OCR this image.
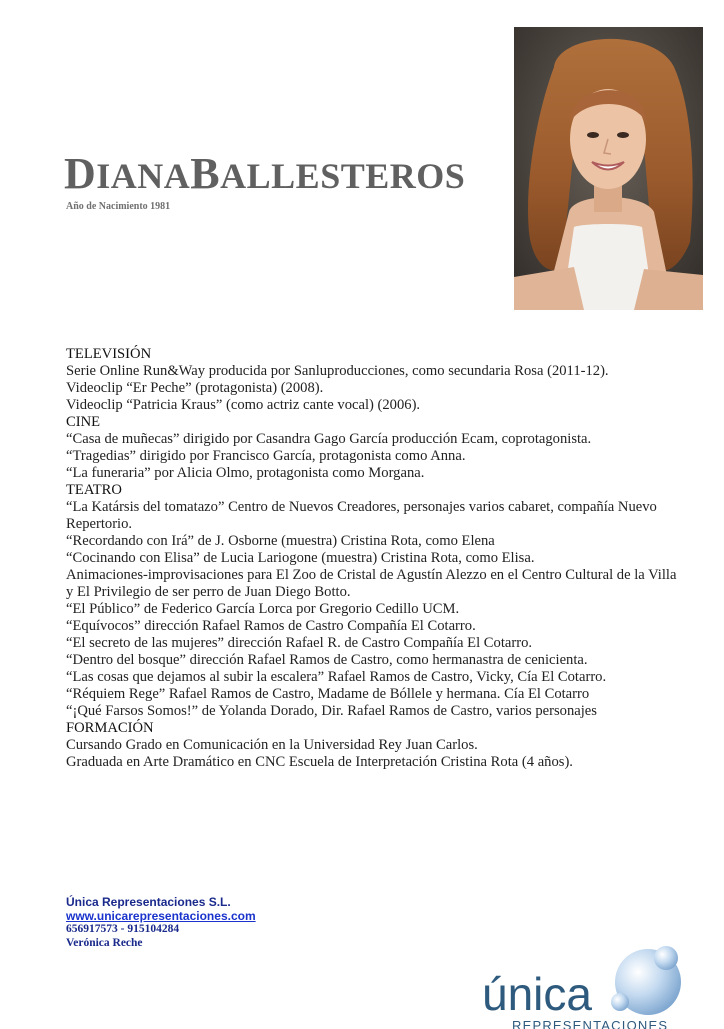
DIANABALLESTEROS
Año de Nacimiento 1981
TELEVISIÓN
Serie Online Run&Way producida por Sanluproducciones, como secundaria Rosa (2011-12).
Videoclip “Er Peche” (protagonista) (2008).
Videoclip “Patricia Kraus” (como actriz cante vocal) (2006).
CINE
“Casa de muñecas” dirigido por Casandra Gago García producción Ecam, coprotagonista.
“Tragedias” dirigido por Francisco García, protagonista como Anna.
“La funeraria” por Alicia Olmo, protagonista como Morgana.
TEATRO
“La Katársis del tomatazo” Centro de Nuevos Creadores, personajes varios cabaret, compañía Nuevo Repertorio.
“Recordando con Irá” de J. Osborne (muestra) Cristina Rota, como Elena
“Cocinando con Elisa” de Lucia Lariogone (muestra) Cristina Rota, como Elisa.
Animaciones-improvisaciones para El Zoo de Cristal de Agustín Alezzo en el Centro Cultural de la Villa y El Privilegio de ser perro de Juan Diego Botto.
“El Público” de Federico García Lorca por Gregorio Cedillo UCM.
“Equívocos” dirección Rafael Ramos de Castro Compañía El Cotarro.
“El secreto de las mujeres” dirección Rafael R. de Castro Compañía El Cotarro.
“Dentro del bosque” dirección Rafael Ramos de Castro, como hermanastra de cenicienta.
“Las cosas que dejamos al subir la escalera” Rafael Ramos de Castro, Vicky, Cía El Cotarro.
“Réquiem Rege” Rafael Ramos de Castro, Madame de Bóllele y hermana. Cía El Cotarro
“¡Qué Farsos Somos!” de Yolanda Dorado, Dir. Rafael Ramos de Castro, varios personajes
FORMACIÓN
Cursando Grado en Comunicación en la Universidad Rey Juan Carlos.
Graduada en Arte Dramático en CNC Escuela de Interpretación Cristina Rota (4 años).
Única Representaciones S.L.
www.unicarepresentaciones.com
656917573 - 915104284
Verónica Reche
única
REPRESENTACIONES
